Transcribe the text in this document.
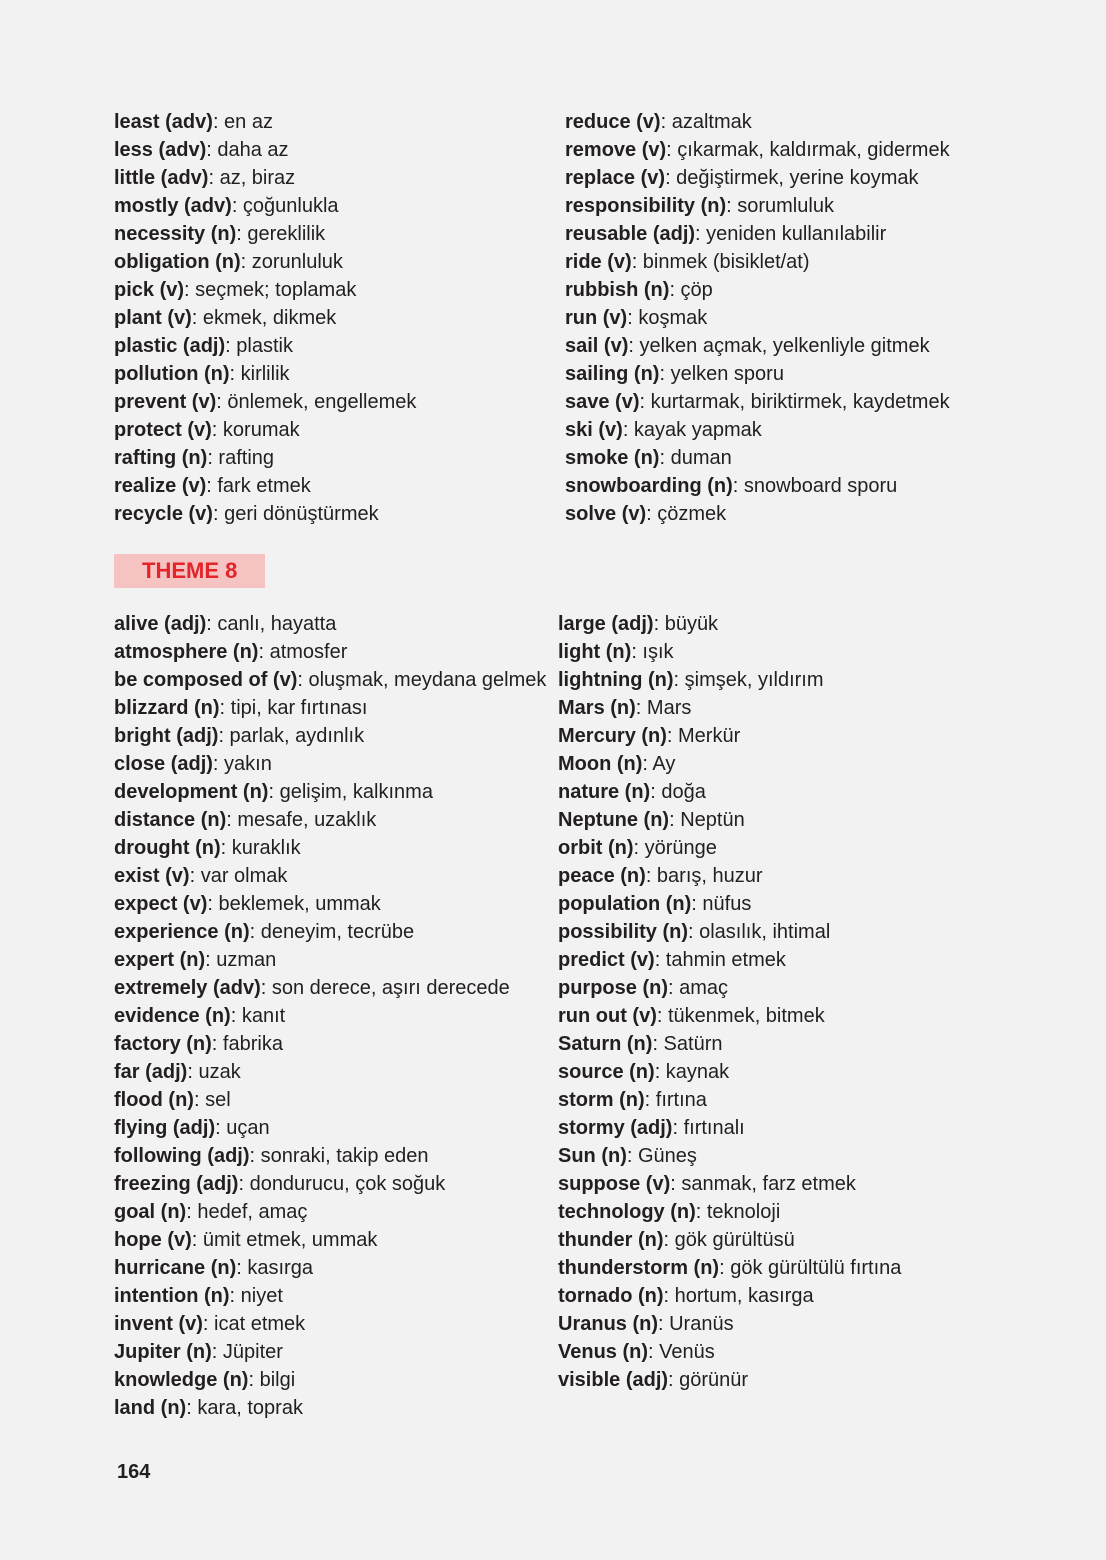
least (adv): en az
less (adv): daha az
little (adv): az, biraz
mostly (adv): çoğunlukla
necessity (n): gereklilik
obligation (n): zorunluluk
pick (v): seçmek; toplamak
plant (v): ekmek, dikmek
plastic (adj): plastik
pollution (n): kirlilik
prevent (v): önlemek, engellemek
protect (v): korumak
rafting (n): rafting
realize (v): fark etmek
recycle (v): geri dönüştürmek
reduce (v): azaltmak
remove (v): çıkarmak, kaldırmak, gidermek
replace (v): değiştirmek, yerine koymak
responsibility (n): sorumluluk
reusable (adj): yeniden kullanılabilir
ride (v): binmek (bisiklet/at)
rubbish (n): çöp
run (v): koşmak
sail (v): yelken açmak, yelkenliyle gitmek
sailing (n): yelken sporu
save (v): kurtarmak, biriktirmek, kaydetmek
ski (v): kayak yapmak
smoke (n): duman
snowboarding (n): snowboard sporu
solve (v): çözmek
THEME 8
alive (adj): canlı, hayatta
atmosphere (n): atmosfer
be composed of (v): oluşmak, meydana gelmek
blizzard (n): tipi, kar fırtınası
bright (adj): parlak, aydınlık
close (adj): yakın
development (n): gelişim, kalkınma
distance (n): mesafe, uzaklık
drought (n): kuraklık
exist (v): var olmak
expect (v): beklemek, ummak
experience (n): deneyim, tecrübe
expert (n): uzman
extremely (adv): son derece, aşırı derecede
evidence (n): kanıt
factory (n): fabrika
far (adj): uzak
flood (n): sel
flying (adj): uçan
following (adj): sonraki, takip eden
freezing (adj): dondurucu, çok soğuk
goal (n): hedef, amaç
hope (v): ümit etmek, ummak
hurricane (n): kasırga
intention (n): niyet
invent (v): icat etmek
Jupiter (n): Jüpiter
knowledge (n): bilgi
land (n): kara, toprak
large (adj): büyük
light (n): ışık
lightning (n): şimşek, yıldırım
Mars (n): Mars
Mercury (n): Merkür
Moon (n): Ay
nature (n): doğa
Neptune (n): Neptün
orbit (n): yörünge
peace (n): barış, huzur
population (n): nüfus
possibility (n): olasılık, ihtimal
predict (v): tahmin etmek
purpose (n): amaç
run out (v): tükenmek, bitmek
Saturn (n): Satürn
source (n): kaynak
storm (n): fırtına
stormy (adj): fırtınalı
Sun (n): Güneş
suppose (v): sanmak, farz etmek
technology (n): teknoloji
thunder (n): gök gürültüsü
thunderstorm (n): gök gürültülü fırtına
tornado (n): hortum, kasırga
Uranus (n): Uranüs
Venus (n): Venüs
visible (adj): görünür
164
